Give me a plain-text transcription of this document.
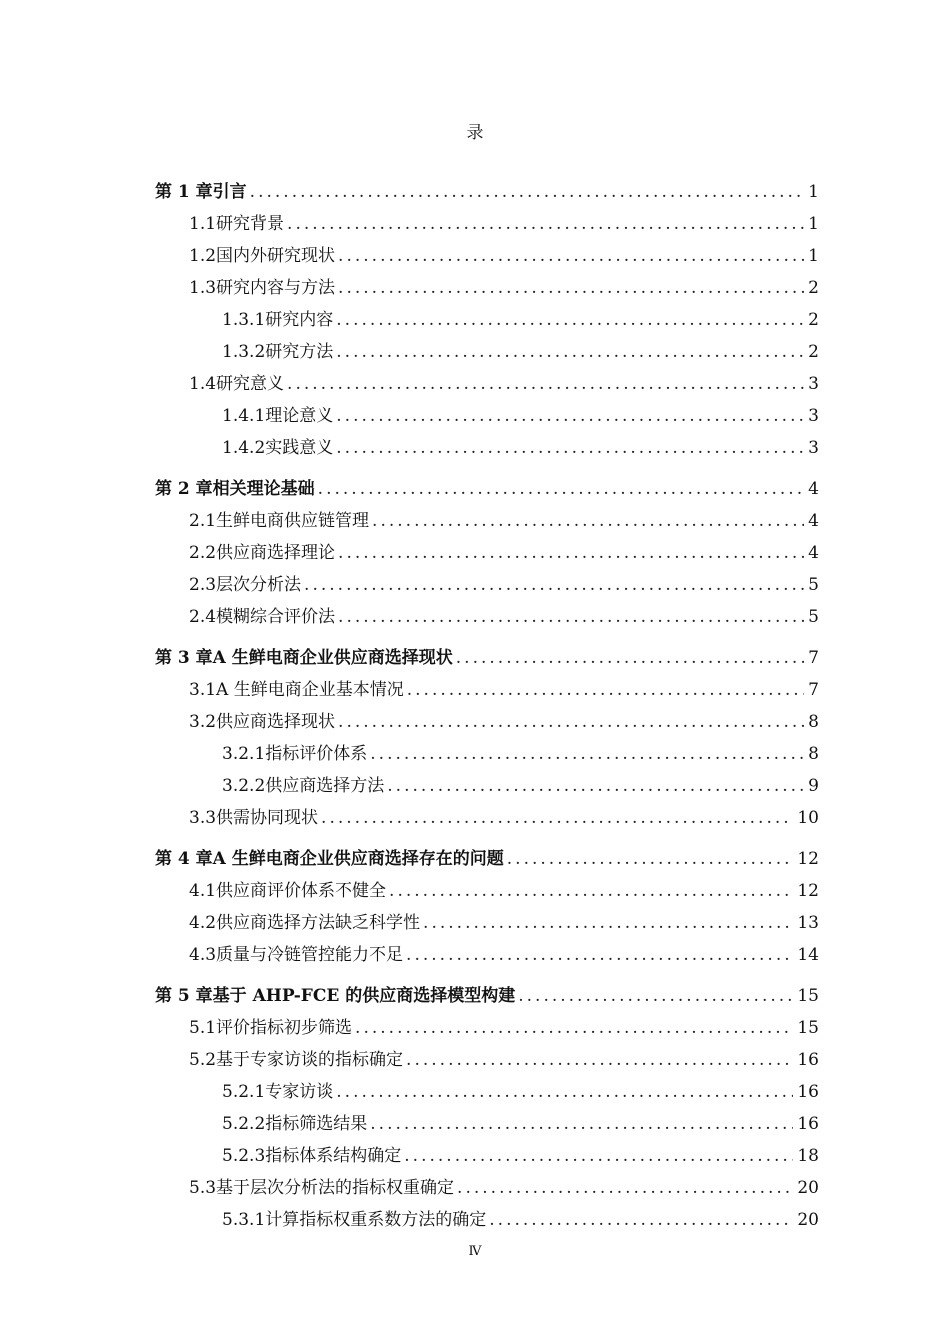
录
第 1 章 引言 .....	1
1.1 研究背景 .....	1
1.2 国内外研究现状 .....	1
1.3 研究内容与方法 .....	2
1.3.1 研究内容 .....	2
1.3.2 研究方法 .....	2
1.4 研究意义 .....	3
1.4.1 理论意义 .....	3
1.4.2 实践意义 .....	3
第 2 章 相关理论基础 .....	4
2.1 生鲜电商供应链管理 .....	4
2.2 供应商选择理论 .....	4
2.3 层次分析法 .....	5
2.4 模糊综合评价法 .....	5
第 3 章 A 生鲜电商企业供应商选择现状 .....	7
3.1 A 生鲜电商企业基本情况 .....	7
3.2 供应商选择现状 .....	8
3.2.1 指标评价体系 .....	8
3.2.2 供应商选择方法 .....	9
3.3 供需协同现状 .....	10
第 4 章 A 生鲜电商企业供应商选择存在的问题 .....	12
4.1 供应商评价体系不健全 .....	12
4.2 供应商选择方法缺乏科学性 .....	13
4.3 质量与冷链管控能力不足 .....	14
第 5 章 基于 AHP-FCE 的供应商选择模型构建 .....	15
5.1 评价指标初步筛选 .....	15
5.2 基于专家访谈的指标确定 .....	16
5.2.1 专家访谈 .....	16
5.2.2 指标筛选结果 .....	16
5.2.3 指标体系结构确定 .....	18
5.3 基于层次分析法的指标权重确定 .....	20
5.3.1 计算指标权重系数方法的确定 .....	20
Ⅳ
